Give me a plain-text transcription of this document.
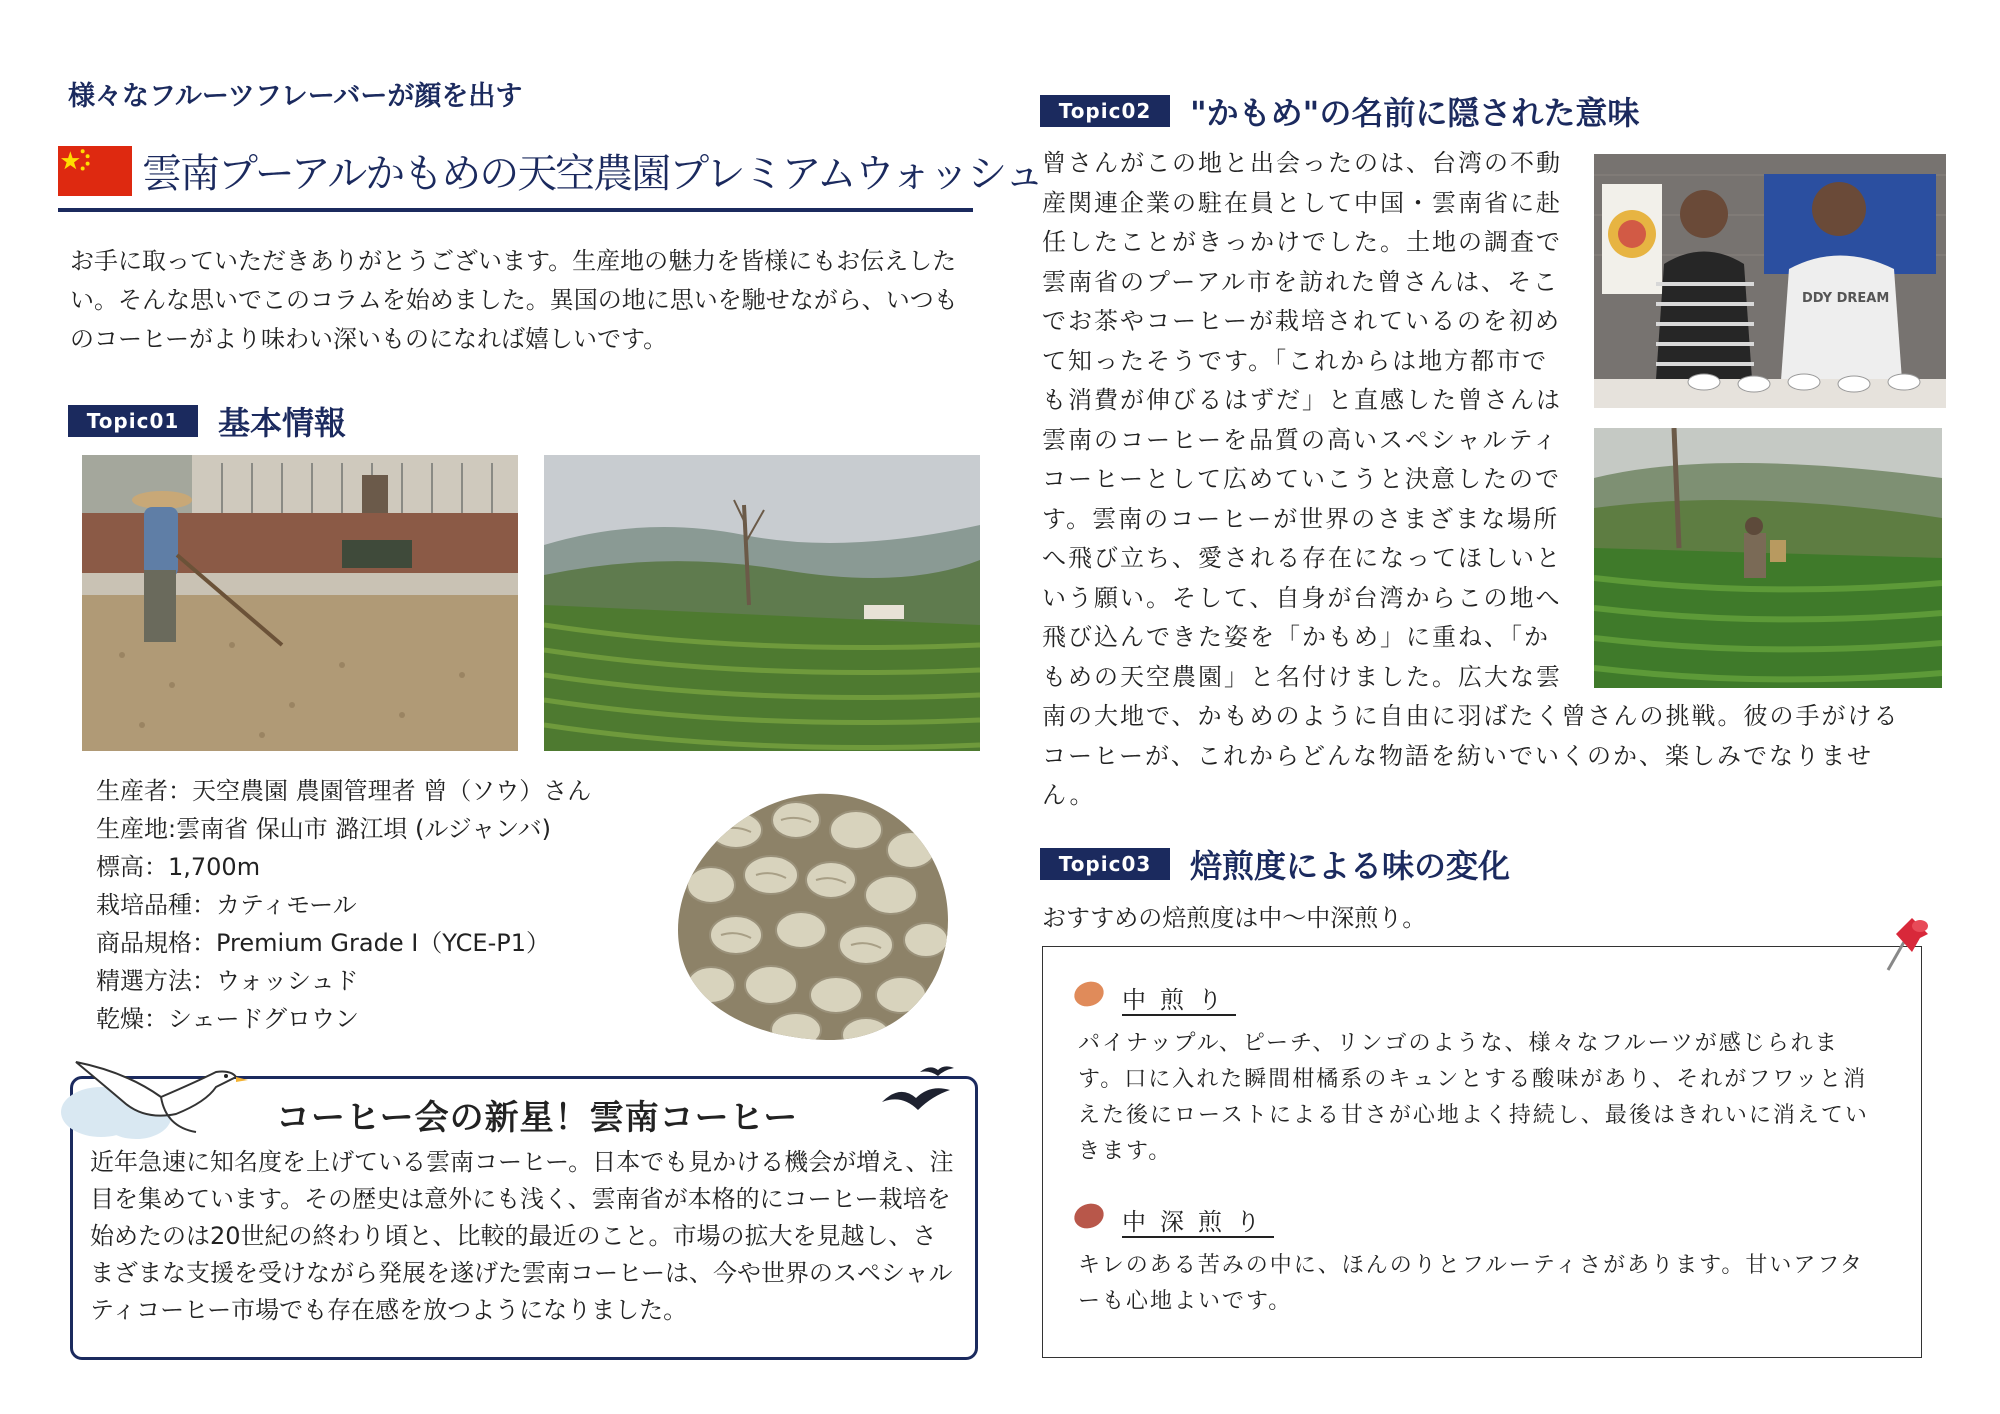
様々なフルーツフレーバーが顔を出す
雲南プーアルかもめの天空農園プレミアムウォッシュ
お手に取っていただきありがとうございます。生産地の魅力を皆様にもお伝えしたい。そんな思いでこのコラムを始めました。異国の地に思いを馳せながら、いつものコーヒーがより味わい深いものになれば嬉しいです。
Topic01	基本情報
生産者：天空農園 農園管理者 曾（ソウ）さん
生産地:雲南省 保山市 潞江垻 (ルジャンバ)
標高：1,700m
栽培品種：カティモール
商品規格：Premium Grade I（YCE-P1）
精選方法：ウォッシュド
乾燥：シェードグロウン
コーヒー会の新星！雲南コーヒー
近年急速に知名度を上げている雲南コーヒー。日本でも見かける機会が増え、注目を集めています。その歴史は意外にも浅く、雲南省が本格的にコーヒー栽培を始めたのは20世紀の終わり頃と、比較的最近のこと。市場の拡大を見越し、さまざまな支援を受けながら発展を遂げた雲南コーヒーは、今や世界のスペシャルティコーヒー市場でも存在感を放つようになりました。
Topic02	"かもめ"の名前に隠された意味
曾さんがこの地と出会ったのは、台湾の不動
産関連企業の駐在員として中国・雲南省に赴
任したことがきっかけでした。土地の調査で
雲南省のプーアル市を訪れた曾さんは、そこ
でお茶やコーヒーが栽培されているのを初め
て知ったそうです。「これからは地方都市で
も消費が伸びるはずだ」と直感した曾さんは
雲南のコーヒーを品質の高いスペシャルティ
コーヒーとして広めていこうと決意したので
す。雲南のコーヒーが世界のさまざまな場所
へ飛び立ち、愛される存在になってほしいと
いう願い。そして、自身が台湾からこの地へ
飛び込んできた姿を「かもめ」に重ね、「か
もめの天空農園」と名付けました。広大な雲
南の大地で、かもめのように自由に羽ばたく曾さんの挑戦。彼の手がける
コーヒーが、これからどんな物語を紡いでいくのか、楽しみでなりませ
ん。
DDY DREAM
Topic03	焙煎度による味の変化
おすすめの焙煎度は中〜中深煎り。
中煎り
パイナップル、ピーチ、リンゴのような、様々なフルーツが感じられます。口に入れた瞬間柑橘系のキュンとする酸味があり、それがフワッと消えた後にローストによる甘さが心地よく持続し、最後はきれいに消えていきます。
中深煎り
キレのある苦みの中に、ほんのりとフルーティさがあります。甘いアフターも心地よいです。
